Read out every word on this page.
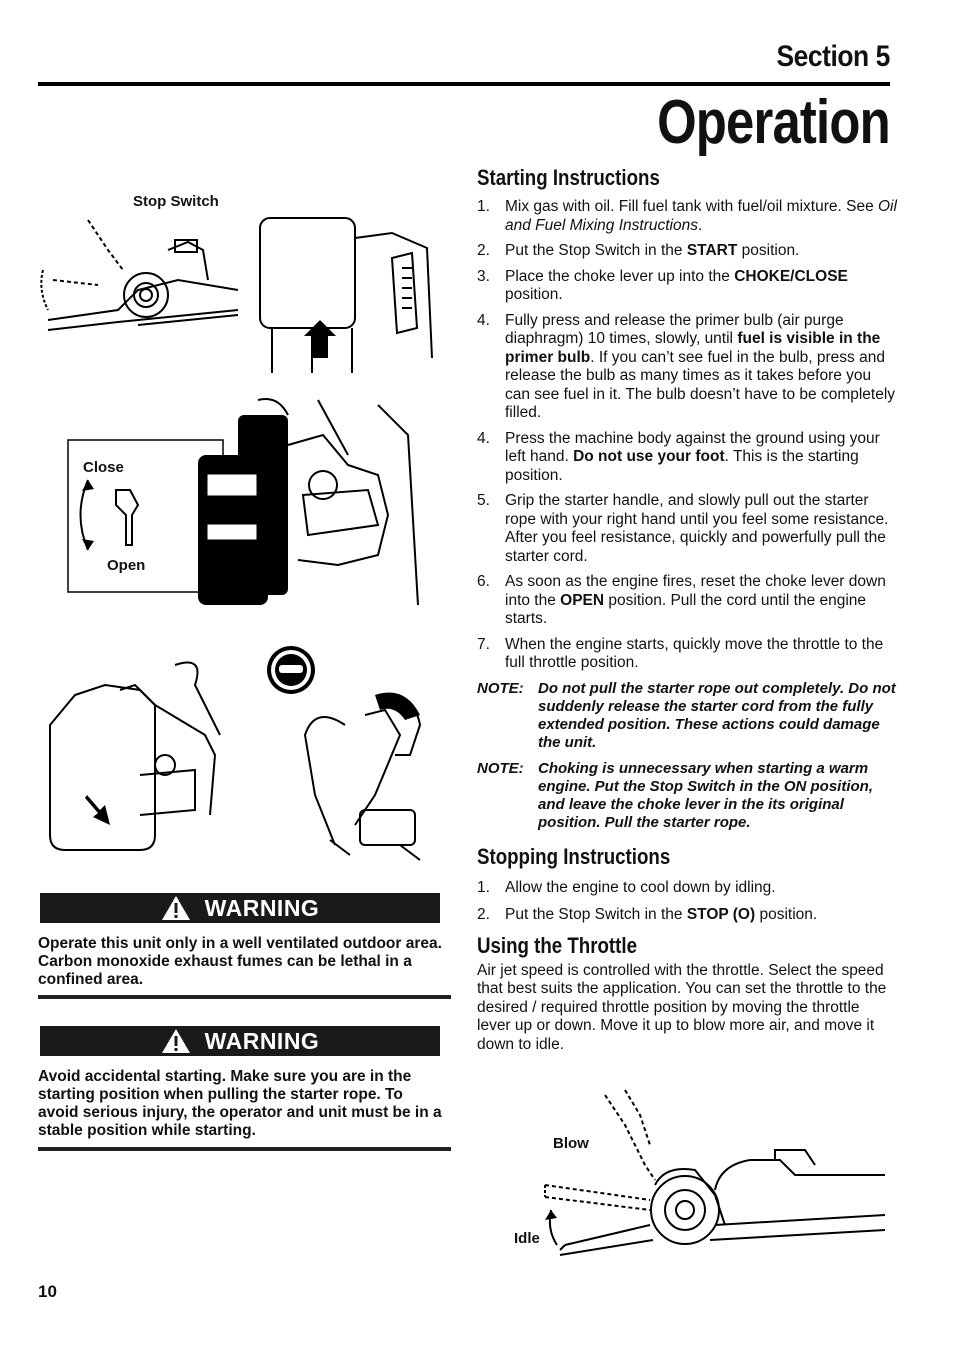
Section 5
Operation
Stop Switch
Close
Open
WARNING
Operate this unit only in a well ventilated outdoor area. Carbon monoxide exhaust fumes can be lethal in a confined area.
WARNING
Avoid accidental starting. Make sure you are in the starting position when pulling the starter rope. To avoid serious injury, the operator and unit must be in a stable position while starting.
Starting Instructions
1. Mix gas with oil. Fill fuel tank with fuel/oil mixture. See Oil and Fuel Mixing Instructions.
2. Put the Stop Switch in the START position.
3. Place the choke lever up into the CHOKE/CLOSE position.
4. Fully press and release the primer bulb (air purge diaphragm) 10 times, slowly, until fuel is visible in the primer bulb. If you can’t see fuel in the bulb, press and release the bulb as many times as it takes before you can see fuel in it. The bulb doesn’t have to be completely filled.
4. Press the machine body against the ground using your left hand. Do not use your foot. This is the starting position.
5. Grip the starter handle, and slowly pull out the starter rope with your right hand until you feel some resistance. After you feel resistance, quickly and powerfully pull the starter cord.
6. As soon as the engine fires, reset the choke lever down into the OPEN position. Pull the cord until the engine starts.
7. When the engine starts, quickly move the throttle to the full throttle position.
NOTE: Do not pull the starter rope out completely. Do not suddenly release the starter cord from the fully extended position. These actions could damage the unit.
NOTE: Choking is unnecessary when starting a warm engine. Put the Stop Switch in the ON position, and leave the choke lever in the its original position. Pull the starter rope.
Stopping Instructions
1. Allow the engine to cool down by idling.
2. Put the Stop Switch in the STOP (O) position.
Using the Throttle
Air jet speed is controlled with the throttle. Select the speed that best suits the application. You can set the throttle to the desired / required throttle position by moving the throttle lever up or down. Move it up to blow more air, and move it down to idle.
Blow
Idle
10
